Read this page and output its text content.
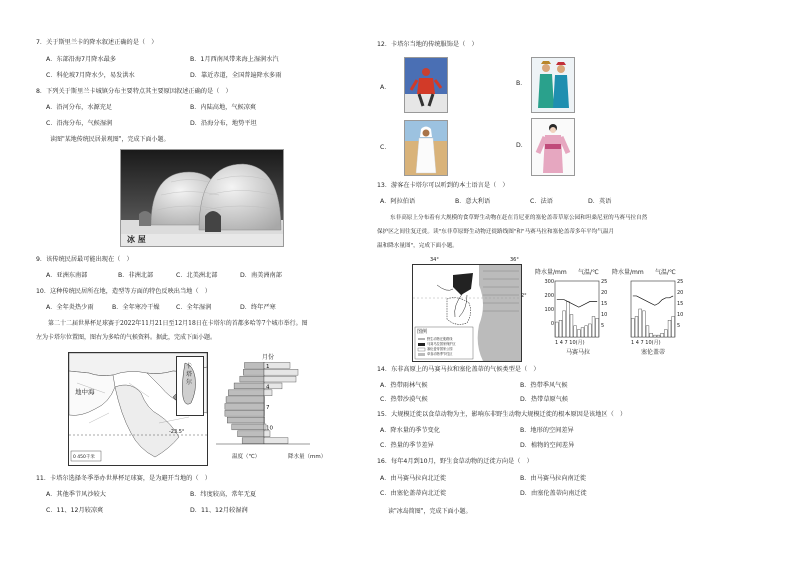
7．关于斯里兰卡的降水叙述正确的是（　）
A．东部沿海7月降水最多	B．1月西南风带来海上湿润水汽
C．科伦坡7月降水少，易发洪水	D．靠近赤道，全国普遍降水多雨
8．下列关于斯里兰卡城镇分布主要特点其主要原因叙述正确的是（　）
A．沿河分布，水源充足	B．内陆高地，气候凉爽
C．沿海分布，气候湿润	D．沿海分布，地势平坦
读图"某地传统民居景观图"，完成下面小题。
冰 屋
9．该传统民居最可能出现在（　）
A．亚洲东南部	B．非洲北部	C．北美洲北部	D．南美洲南部
10．这种传统民居所在地，造型等方面的特色反映出当地（　）
A．全年炎热少雨	B．全年寒冷干燥	C．全年湿润	D．终年严寒
第二十二届世界杯足球赛于2022年11月21日至12月18日在卡塔尔的首都多哈等7个城市举行。图
左为卡塔尔位置图，图右为多哈的气候资料。据此，完成下面小题。
地中海
-23.5°
0 450千米
卡塔尔
1
4
7
10
月份
温度（℃）	降水量（mm）
11．卡塔尔选择冬季举办世界杯足球赛，是为避开当地的（　）
A．其他季节风沙较大	B．纬度较高，常年无夏
C．11、12月较凉爽	D．11、12月较湿润
12．卡塔尔当地的传统服饰是（　）
A．
B．
C．	D．
13．游客在卡塔尔可以听到的本土语言是（　）
A．阿拉伯语	B．意大利语	C．法语	D．英语
东非高原上分布着有大规模的食草野生动物在赶在肯尼亚的塞伦盖蒂草原公园和坦桑尼亚的马赛马拉自然
保护区之间往复迁徙。读"东非草原野生动物迁徙路线图"和"马赛马拉和塞伦盖蒂多年平均气温月
温和降水量图"，完成下面小题。
图例
野生动物迁徙路线
马赛马拉国家保护区
塞伦盖蒂国家公园
草食动物季节性区
34°	36°
2°
降水量/mm 气温/℃ 降水量/mm 气温/℃
300
200
100
0
25
20
15
10
5
25
20
15
10
5
1 4 7 10(月)	1 4 7 10(月)
马赛马拉	塞伦盖蒂
14．东非高原上的马赛马拉和塞伦盖蒂的气候类型是（　）
A．热带雨林气候	B．热带季风气候
C．热带沙漠气候	D．热带草原气候
15．大规模迁徙以食草动物为主，影响东非野生动物大规模迁徙的根本原因是该地区（　）
A．降水量的季节变化	B．地形的空间差异
C．热量的季节差异	D．植物的空间差异
16．每年4月到10月，野生食草动物的迁徙方向是（　）
A．由马赛马拉向北迁徙	B．由马赛马拉向南迁徙
C．由塞伦盖蒂向北迁徙	D．由塞伦盖蒂向南迁徙
读"冰岛简图"，完成下面小题。
